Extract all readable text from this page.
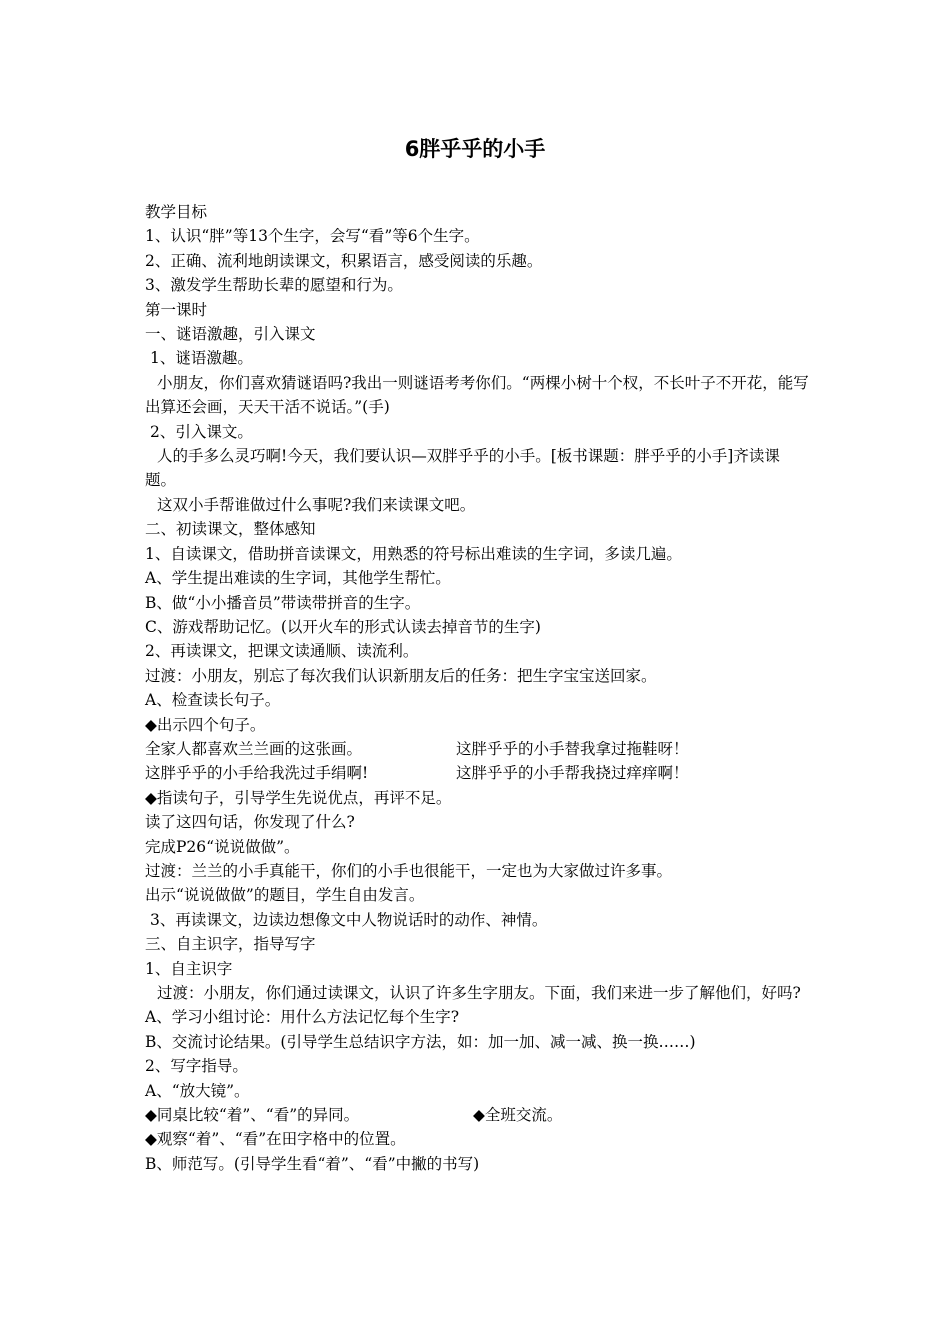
6胖乎乎的小手

教学目标

1、认识“胖”等13个生字，会写“看”等6个生字。

2、正确、流利地朗读课文，积累语言，感受阅读的乐趣。

3、激发学生帮助长辈的愿望和行为。

第一课时

一、谜语激趣，引入课文

1、谜语激趣。

小朋友，你们喜欢猜谜语吗?我出一则谜语考考你们。“两棵小树十个杈，不长叶子不开花，能写出算还会画，天天干活不说话。”(手)

2、引入课文。

人的手多么灵巧啊!今天，我们要认识—双胖乎乎的小手。[板书课题：胖乎乎的小手]齐读课题。

这双小手帮谁做过什么事呢?我们来读课文吧。

二、初读课文，整体感知

1、自读课文，借助拼音读课文，用熟悉的符号标出难读的生字词，多读几遍。

A、学生提出难读的生字词，其他学生帮忙。

B、做“小小播音员”带读带拼音的生字。

C、游戏帮助记忆。(以开火车的形式认读去掉音节的生字)

2、再读课文，把课文读通顺、读流利。

过渡：小朋友，别忘了每次我们认识新朋友后的任务：把生字宝宝送回家。

A、检查读长句子。

◆出示四个句子。

全家人都喜欢兰兰画的这张画。	这胖乎乎的小手替我拿过拖鞋呀！
这胖乎乎的小手给我洗过手绢啊!	这胖乎乎的小手帮我挠过痒痒啊！

◆指读句子，引导学生先说优点，再评不足。

读了这四句话，你发现了什么?

完成P26“说说做做”。

过渡：兰兰的小手真能干，你们的小手也很能干，一定也为大家做过许多事。

出示“说说做做”的题目，学生自由发言。

3、再读课文，边读边想像文中人物说话时的动作、神情。

三、自主识字，指导写字

1、自主识字

过渡：小朋友，你们通过读课文，认识了许多生字朋友。下面，我们来进一步了解他们，好吗?

A、学习小组讨论：用什么方法记忆每个生字?

B、交流讨论结果。(引导学生总结识字方法，如：加一加、减一减、换一换……)

2、写字指导。

A、“放大镜”。

◆同桌比较“着”、“看”的异同。	◆全班交流。

◆观察“着”、“看”在田字格中的位置。

B、师范写。(引导学生看“着”、“看”中撇的书写)
